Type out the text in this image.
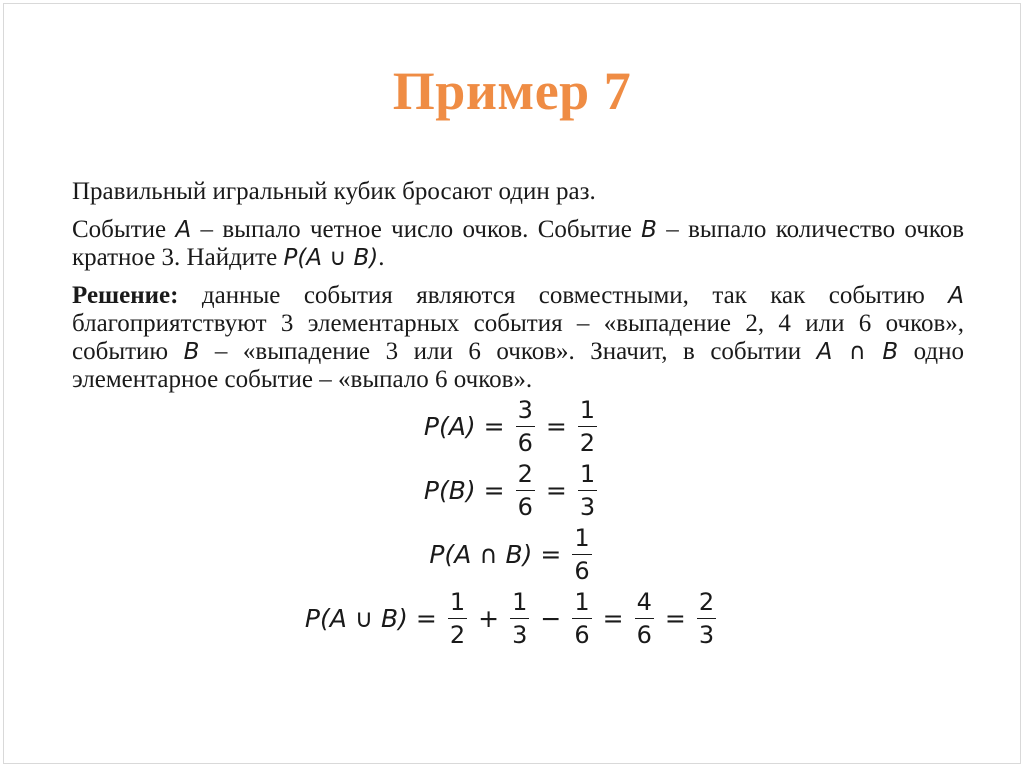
Пример 7

Правильный игральный кубик бросают один раз.

Событие A – выпало четное число очков. Событие B – выпало количество очков кратное 3. Найдите P(A ∪ B).

Решение: данные события являются совместными, так как событию A благоприятствуют 3 элементарных события – «выпадение 2, 4 или 6 очков», событию B – «выпадение 3 или 6 очков». Значит, в событии A ∩ B одно элементарное событие – «выпало 6 очков».

$P(A) = \frac{3}{6} = \frac{1}{2}$
$P(B) = \frac{2}{6} = \frac{1}{3}$
P(A ∩ $B) = \frac{1}{6}$
P(A ∪ $B) = \frac{1}{2} + \frac{1}{3} - \frac{1}{6} = \frac{4}{6} = \frac{2}{3}$
